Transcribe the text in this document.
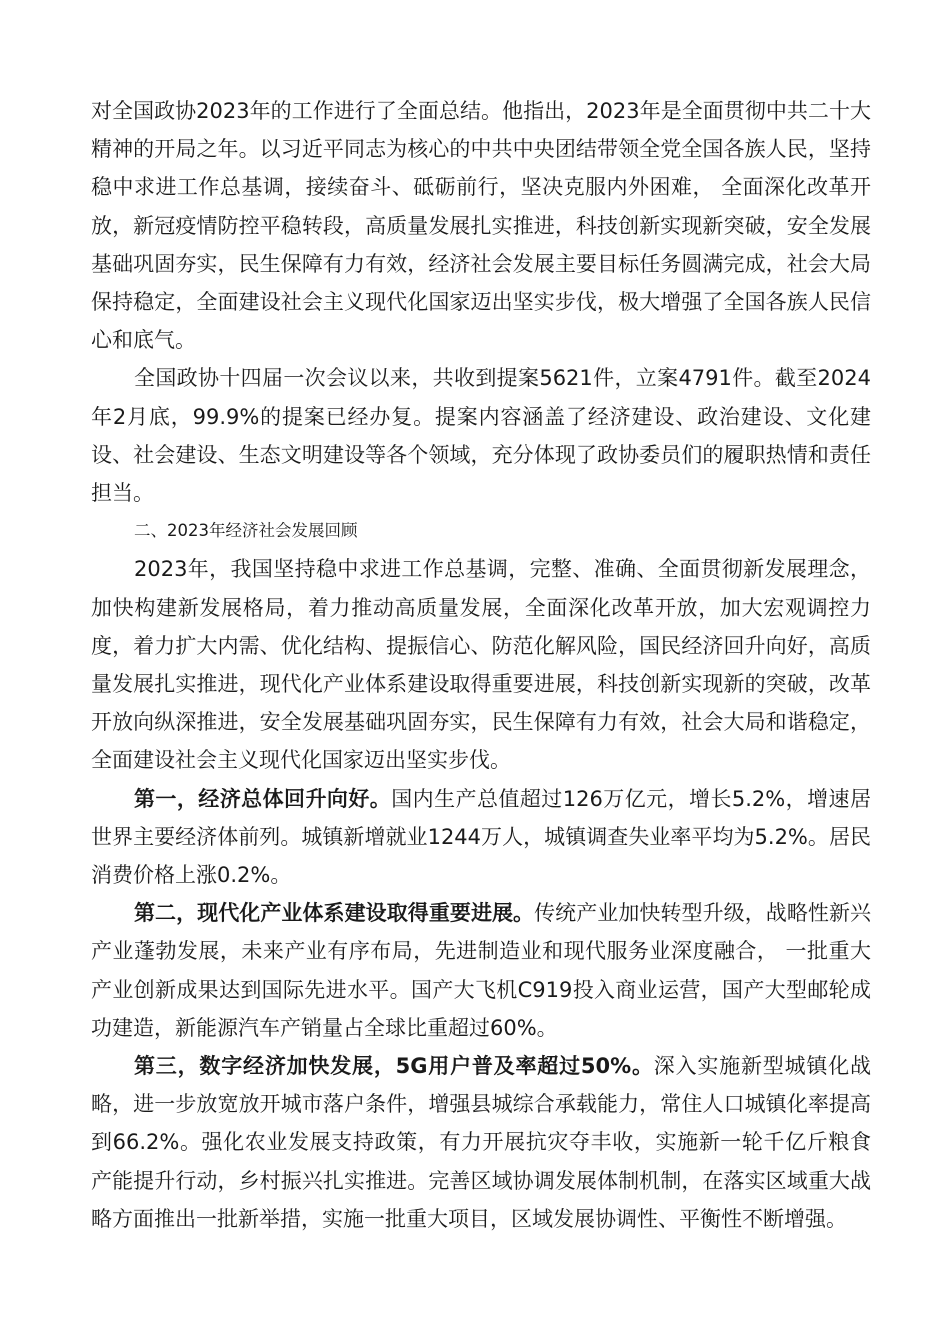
对全国政协2023年的工作进行了全面总结。他指出，2023年是全面贯彻中共二十大精神的开局之年。以习近平同志为核心的中共中央团结带领全党全国各族人民，坚持稳中求进工作总基调，接续奋斗、砥砺前行，坚决克服内外困难， 全面深化改革开放，新冠疫情防控平稳转段，高质量发展扎实推进，科技创新实现新突破，安全发展基础巩固夯实，民生保障有力有效，经济社会发展主要目标任务圆满完成，社会大局保持稳定，全面建设社会主义现代化国家迈出坚实步伐，极大增强了全国各族人民信心和底气。

全国政协十四届一次会议以来，共收到提案5621件，立案4791件。截至2024 年2月底，99.9%的提案已经办复。提案内容涵盖了经济建设、政治建设、文化建设、社会建设、生态文明建设等各个领域，充分体现了政协委员们的履职热情和责任担当。

二、2023年经济社会发展回顾

2023年，我国坚持稳中求进工作总基调，完整、准确、全面贯彻新发展理念，加快构建新发展格局，着力推动高质量发展，全面深化改革开放，加大宏观调控力度，着力扩大内需、优化结构、提振信心、防范化解风险，国民经济回升向好，高质量发展扎实推进，现代化产业体系建设取得重要进展，科技创新实现新的突破，改革开放向纵深推进，安全发展基础巩固夯实，民生保障有力有效，社会大局和谐稳定，全面建设社会主义现代化国家迈出坚实步伐。

第一，经济总体回升向好。国内生产总值超过126万亿元，增长5.2%，增速居世界主要经济体前列。城镇新增就业1244万人，城镇调查失业率平均为5.2%。居民消费价格上涨0.2%。

第二，现代化产业体系建设取得重要进展。传统产业加快转型升级，战略性新兴产业蓬勃发展，未来产业有序布局，先进制造业和现代服务业深度融合， 一批重大产业创新成果达到国际先进水平。国产大飞机C919投入商业运营，国产大型邮轮成功建造，新能源汽车产销量占全球比重超过60%。

第三，数字经济加快发展，5G用户普及率超过50%。深入实施新型城镇化战略，进一步放宽放开城市落户条件，增强县城综合承载能力，常住人口城镇化率提高到66.2%。强化农业发展支持政策，有力开展抗灾夺丰收，实施新一轮千亿斤粮食产能提升行动，乡村振兴扎实推进。完善区域协调发展体制机制，在落实区域重大战略方面推出一批新举措，实施一批重大项目，区域发展协调性、平衡性不断增强。
